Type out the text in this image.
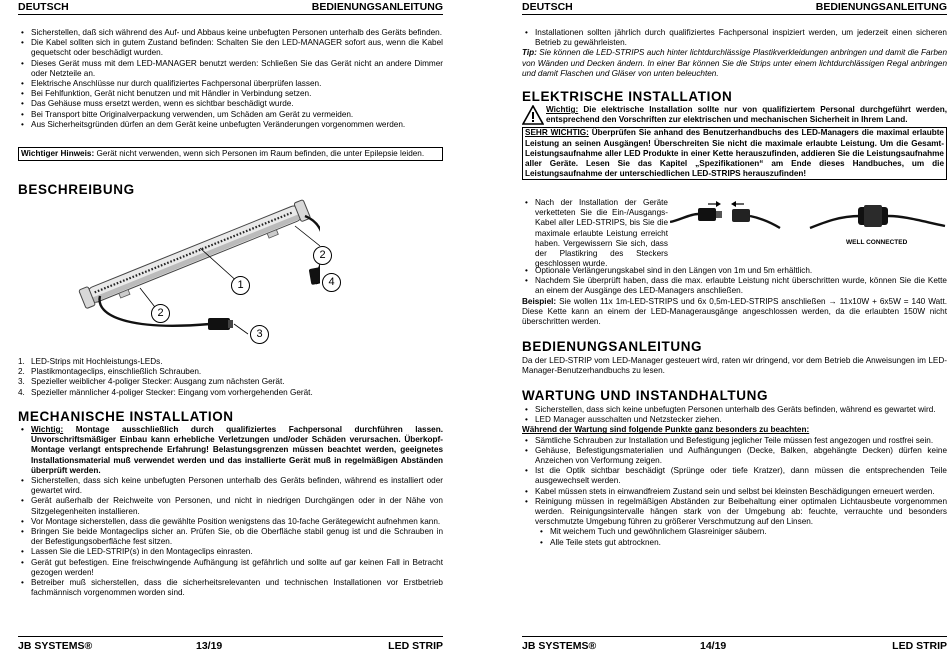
DEUTSCH	BEDIENUNGSANLEITUNG
• Sicherstellen, daß sich während des Auf- und Abbaus keine unbefugten Personen unterhalb des Geräts befinden.
• Die Kabel sollten sich in gutem Zustand befinden: Schalten Sie den LED-MANAGER sofort aus, wenn die Kabel gequetscht oder beschädigt wurden.
• Dieses Gerät muss mit dem LED-MANAGER benutzt werden: Schließen Sie das Gerät nicht an andere Dimmer oder Netzteile an.
• Elektrische Anschlüsse nur durch qualifiziertes Fachpersonal überprüfen lassen.
• Bei Fehlfunktion, Gerät nicht benutzen und mit Händler in Verbindung setzen.
• Das Gehäuse muss ersetzt werden, wenn es sichtbar beschädigt wurde.
• Bei Transport bitte Originalverpackung verwenden, um Schäden am Gerät zu vermeiden.
• Aus Sicherheitsgründen dürfen an dem Gerät keine unbefugten Veränderungen vorgenommen werden.
Wichtiger Hinweis: Gerät nicht verwenden, wenn sich Personen im Raum befinden, die unter Epilepsie leiden.
BESCHREIBUNG
1
2
2
3
4
1. LED-Strips mit Hochleistungs-LEDs.
2. Plastikmontageclips, einschließlich Schrauben.
3. Spezieller weiblicher 4-poliger Stecker: Ausgang zum nächsten Gerät.
4. Spezieller männlicher 4-poliger Stecker: Eingang vom vorhergehenden Gerät.
MECHANISCHE INSTALLATION
• Wichtig: Montage ausschließlich durch qualifiziertes Fachpersonal durchführen lassen. Unvorschriftsmäßiger Einbau kann erhebliche Verletzungen und/oder Schäden verursachen. Überkopf-Montage verlangt entsprechende Erfahrung! Belastungsgrenzen müssen beachtet werden, geeignetes Installationsmaterial muß verwendet werden und das installierte Gerät muß in regelmäßigen Abständen überprüft werden.
• Sicherstellen, dass sich keine unbefugten Personen unterhalb des Geräts befinden, während es installiert oder gewartet wird.
• Gerät außerhalb der Reichweite von Personen, und nicht in niedrigen Durchgängen oder in der Nähe von Sitzgelegenheiten installieren.
• Vor Montage sicherstellen, dass die gewählte Position wenigstens das 10-fache Gerätegewicht aufnehmen kann.
• Bringen Sie beide Montageclips sicher an. Prüfen Sie, ob die Oberfläche stabil genug ist und die Schrauben in der Befestigungsoberfläche fest sitzen.
• Lassen Sie die LED-STRIP(s) in den Montageclips einrasten.
• Gerät gut befestigen. Eine freischwingende Aufhängung ist gefährlich und sollte auf gar keinen Fall in Betracht gezogen werden!
• Betreiber muß sicherstellen, dass die sicherheitsrelevanten und technischen Installationen vor Erstbetrieb fachmännisch vorgenommen worden sind.
JB SYSTEMS®	13/19	LED STRIP
DEUTSCH	BEDIENUNGSANLEITUNG
• Installationen sollten jährlich durch qualifiziertes Fachpersonal inspiziert werden, um jederzeit einen sicheren Betrieb zu gewährleisten.
Tip: Sie können die LED-STRIPS auch hinter lichtdurchlässige Plastikverkleidungen anbringen und damit die Farben von Wänden und Decken ändern. In einer Bar können Sie die Strips unter einem lichtdurchlässigen Regal anbringen und damit Flaschen und Gläser von unten beleuchten.
ELEKTRISCHE INSTALLATION
Wichtig: Die elektrische Installation sollte nur von qualifiziertem Personal durchgeführt werden, entsprechend den Vorschriften zur elektrischen und mechanischen Sicherheit in Ihrem Land.
SEHR WICHTIG: Überprüfen Sie anhand des Benutzerhandbuchs des LED-Managers die maximal erlaubte Leistung an seinen Ausgängen! Überschreiten Sie nicht die maximale erlaubte Leistung. Um die Gesamt-Leistungsaufnahme aller LED Produkte in einer Kette herauszufinden, addieren Sie die Leistungsaufnahme aller Geräte. Lesen Sie das Kapitel „Spezifikationen“ am Ende dieses Handbuches, um die Leistungsaufnahme der unterschiedlichen LED-STRIPS herauszufinden!
• Nach der Installation der Geräte verketteten Sie die Ein-/Ausgangs-Kabel aller LED-STRIPS, bis Sie die maximale erlaubte Leistung erreicht haben. Vergewissern Sie sich, dass der Plastikring des Steckers geschlossen wurde.
WELL CONNECTED
• Optionale Verlängerungskabel sind in den Längen von 1m und 5m erhältlich.
• Nachdem Sie überprüft haben, dass die max. erlaubte Leistung nicht überschritten wurde, können Sie die Kette an einem der Ausgänge des LED-Managers anschließen.
Beispiel: Sie wollen 11x 1m-LED-STRIPS und 6x 0,5m-LED-STRIPS anschließen → 11x10W + 6x5W = 140 Watt. Diese Kette kann an einem der LED-Managerausgänge angeschlossen werden, da die erlaubten 150W nicht überschritten werden.
BEDIENUNGSANLEITUNG
Da der LED-STRIP vom LED-Manager gesteuert wird, raten wir dringend, vor dem Betrieb die Anweisungen im LED-Manager-Benutzerhandbuchs zu lesen.
WARTUNG UND INSTANDHALTUNG
• Sicherstellen, dass sich keine unbefugten Personen unterhalb des Geräts befinden, während es gewartet wird.
• LED Manager ausschalten und Netzstecker ziehen.
Während der Wartung sind folgende Punkte ganz besonders zu beachten:
• Sämtliche Schrauben zur Installation und Befestigung jeglicher Teile müssen fest angezogen und rostfrei sein.
• Gehäuse, Befestigungsmaterialien und Aufhängungen (Decke, Balken, abgehängte Decken) dürfen keine Anzeichen von Verformung zeigen.
• Ist die Optik sichtbar beschädigt (Sprünge oder tiefe Kratzer), dann müssen die entsprechenden Teile ausgewechselt werden.
• Kabel müssen stets in einwandfreiem Zustand sein und selbst bei kleinsten Beschädigungen erneuert werden.
• Reinigung müssen in regelmäßigen Abständen zur Beibehaltung einer optimalen Lichtausbeute vorgenommen werden. Reinigungsintervalle hängen stark von der Umgebung ab: feuchte, verrauchte und besonders verschmutzte Umgebung führen zu größerer Verschmutzung auf den Linsen.
• Mit weichem Tuch und gewöhnlichem Glasreiniger säubern.
• Alle Teile stets gut abtrocknen.
JB SYSTEMS®	14/19	LED STRIP
